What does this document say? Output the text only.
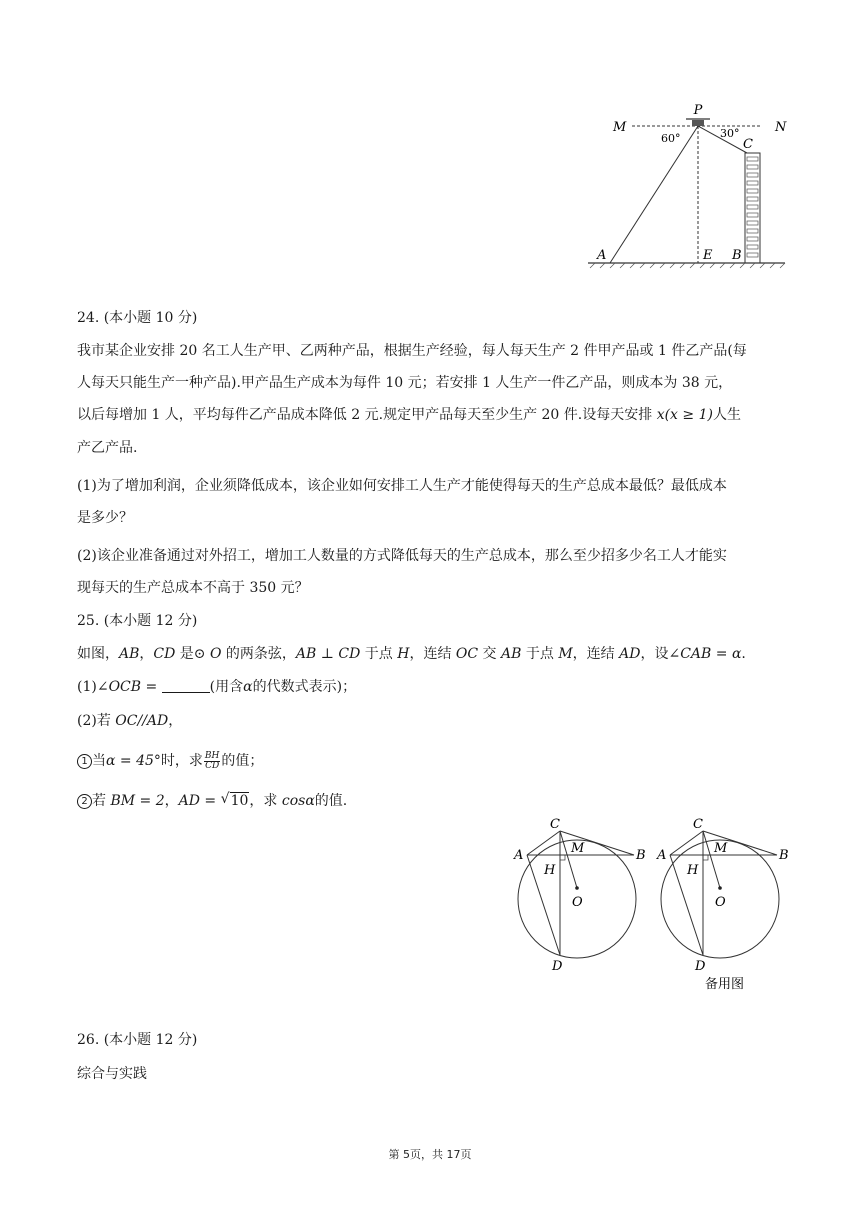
P
M	N
C
A	E B
60°	30°
24. (本小题 10 分)
我市某企业安排 20 名工人生产甲、乙两种产品，根据生产经验，每人每天生产 2 件甲产品或 1 件乙产品(每
人每天只能生产一种产品).甲产品生产成本为每件 10 元；若安排 1 人生产一件乙产品，则成本为 38 元，
以后每增加 1 人，平均每件乙产品成本降低 2 元.规定甲产品每天至少生产 20 件.设每天安排 x(x ≥ 1)人生
产乙产品.
(1)为了增加利润，企业须降低成本，该企业如何安排工人生产才能使得每天的生产总成本最低？最低成本
是多少？
(2)该企业准备通过对外招工，增加工人数量的方式降低每天的生产总成本，那么至少招多少名工人才能实
现每天的生产总成本不高于 350 元？
25. (本小题 12 分)
如图，AB，CD 是⊙ O 的两条弦，AB ⊥ CD 于点 H，连结 OC 交 AB 于点 M，连结 AD，设∠CAB = α.
(1)∠OCB =	(用含α的代数式表示)；
(2)若 OC//AD，
1 当α = 45°时，求 $\frac{BH}{CD}$ 的值；
2 若 BM = 2，AD = √ 10，求 cosα的值.
C
A	M	B
H
O
D
C
A	M	B
H
O
D
备用图
26. (本小题 12 分)
综合与实践
第 5页，共 17页
